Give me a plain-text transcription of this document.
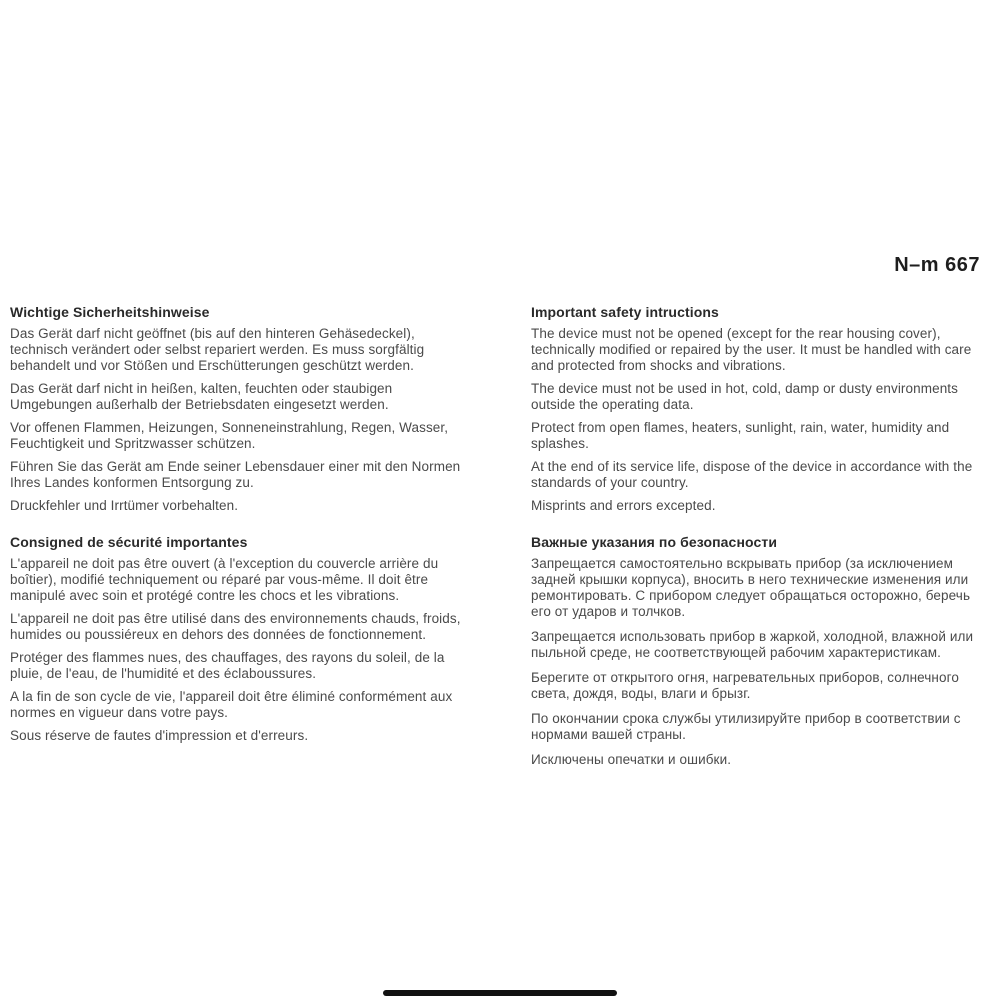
N–m 667
Wichtige Sicherheitshinweise

Das Gerät darf nicht geöffnet (bis auf den hinteren Gehäsedeckel), technisch verändert oder selbst repariert werden. Es muss sorgfältig behandelt und vor Stößen und Erschütterungen geschützt werden.

Das Gerät darf nicht in heißen, kalten, feuchten oder staubigen Umgebungen außerhalb der Betriebsdaten eingesetzt werden.

Vor offenen Flammen, Heizungen, Sonneneinstrahlung, Regen, Wasser, Feuchtigkeit und Spritzwasser schützen.

Führen Sie das Gerät am Ende seiner Lebensdauer einer mit den Normen Ihres Landes konformen Entsorgung zu.

Druckfehler und Irrtümer vorbehalten.

Consigned de sécurité importantes

L'appareil ne doit pas être ouvert (à l'exception du couvercle arrière du boîtier), modifié techniquement ou réparé par vous-même. Il doit être manipulé avec soin et protégé contre les chocs et les vibrations.

L'appareil ne doit pas être utilisé dans des environnements chauds, froids, humides ou poussiéreux en dehors des données de fonctionnement.

Protéger des flammes nues, des chauffages, des rayons du soleil, de la pluie, de l'eau, de l'humidité et des éclaboussures.

A la fin de son cycle de vie, l'appareil doit être éliminé conformément aux normes en vigueur dans votre pays.

Sous réserve de fautes d'impression et d'erreurs.

Important safety intructions

The device must not be opened (except for the rear housing cover), technically modified or repaired by the user. It must be handled with care and protected from shocks and vibrations.

The device must not be used in hot, cold, damp or dusty environments outside the operating data.

Protect from open flames, heaters, sunlight, rain, water, humidity and splashes.

At the end of its service life, dispose of the device in accordance with the standards of your country.

Misprints and errors excepted.

Важные указания по безопасности

Запрещается самостоятельно вскрывать прибор (за исключением задней крышки корпуса), вносить в него технические изменения или ремонтировать. С прибором следует обращаться осторожно, беречь его от ударов и толчков.

Запрещается использовать прибор в жаркой, холодной, влажной или пыльной среде, не соответствующей рабочим характеристикам.

Берегите от открытого огня, нагревательных приборов, солнечного света, дождя, воды, влаги и брызг.

По окончании срока службы утилизируйте прибор в соответствии с нормами вашей страны.

Исключены опечатки и ошибки.
